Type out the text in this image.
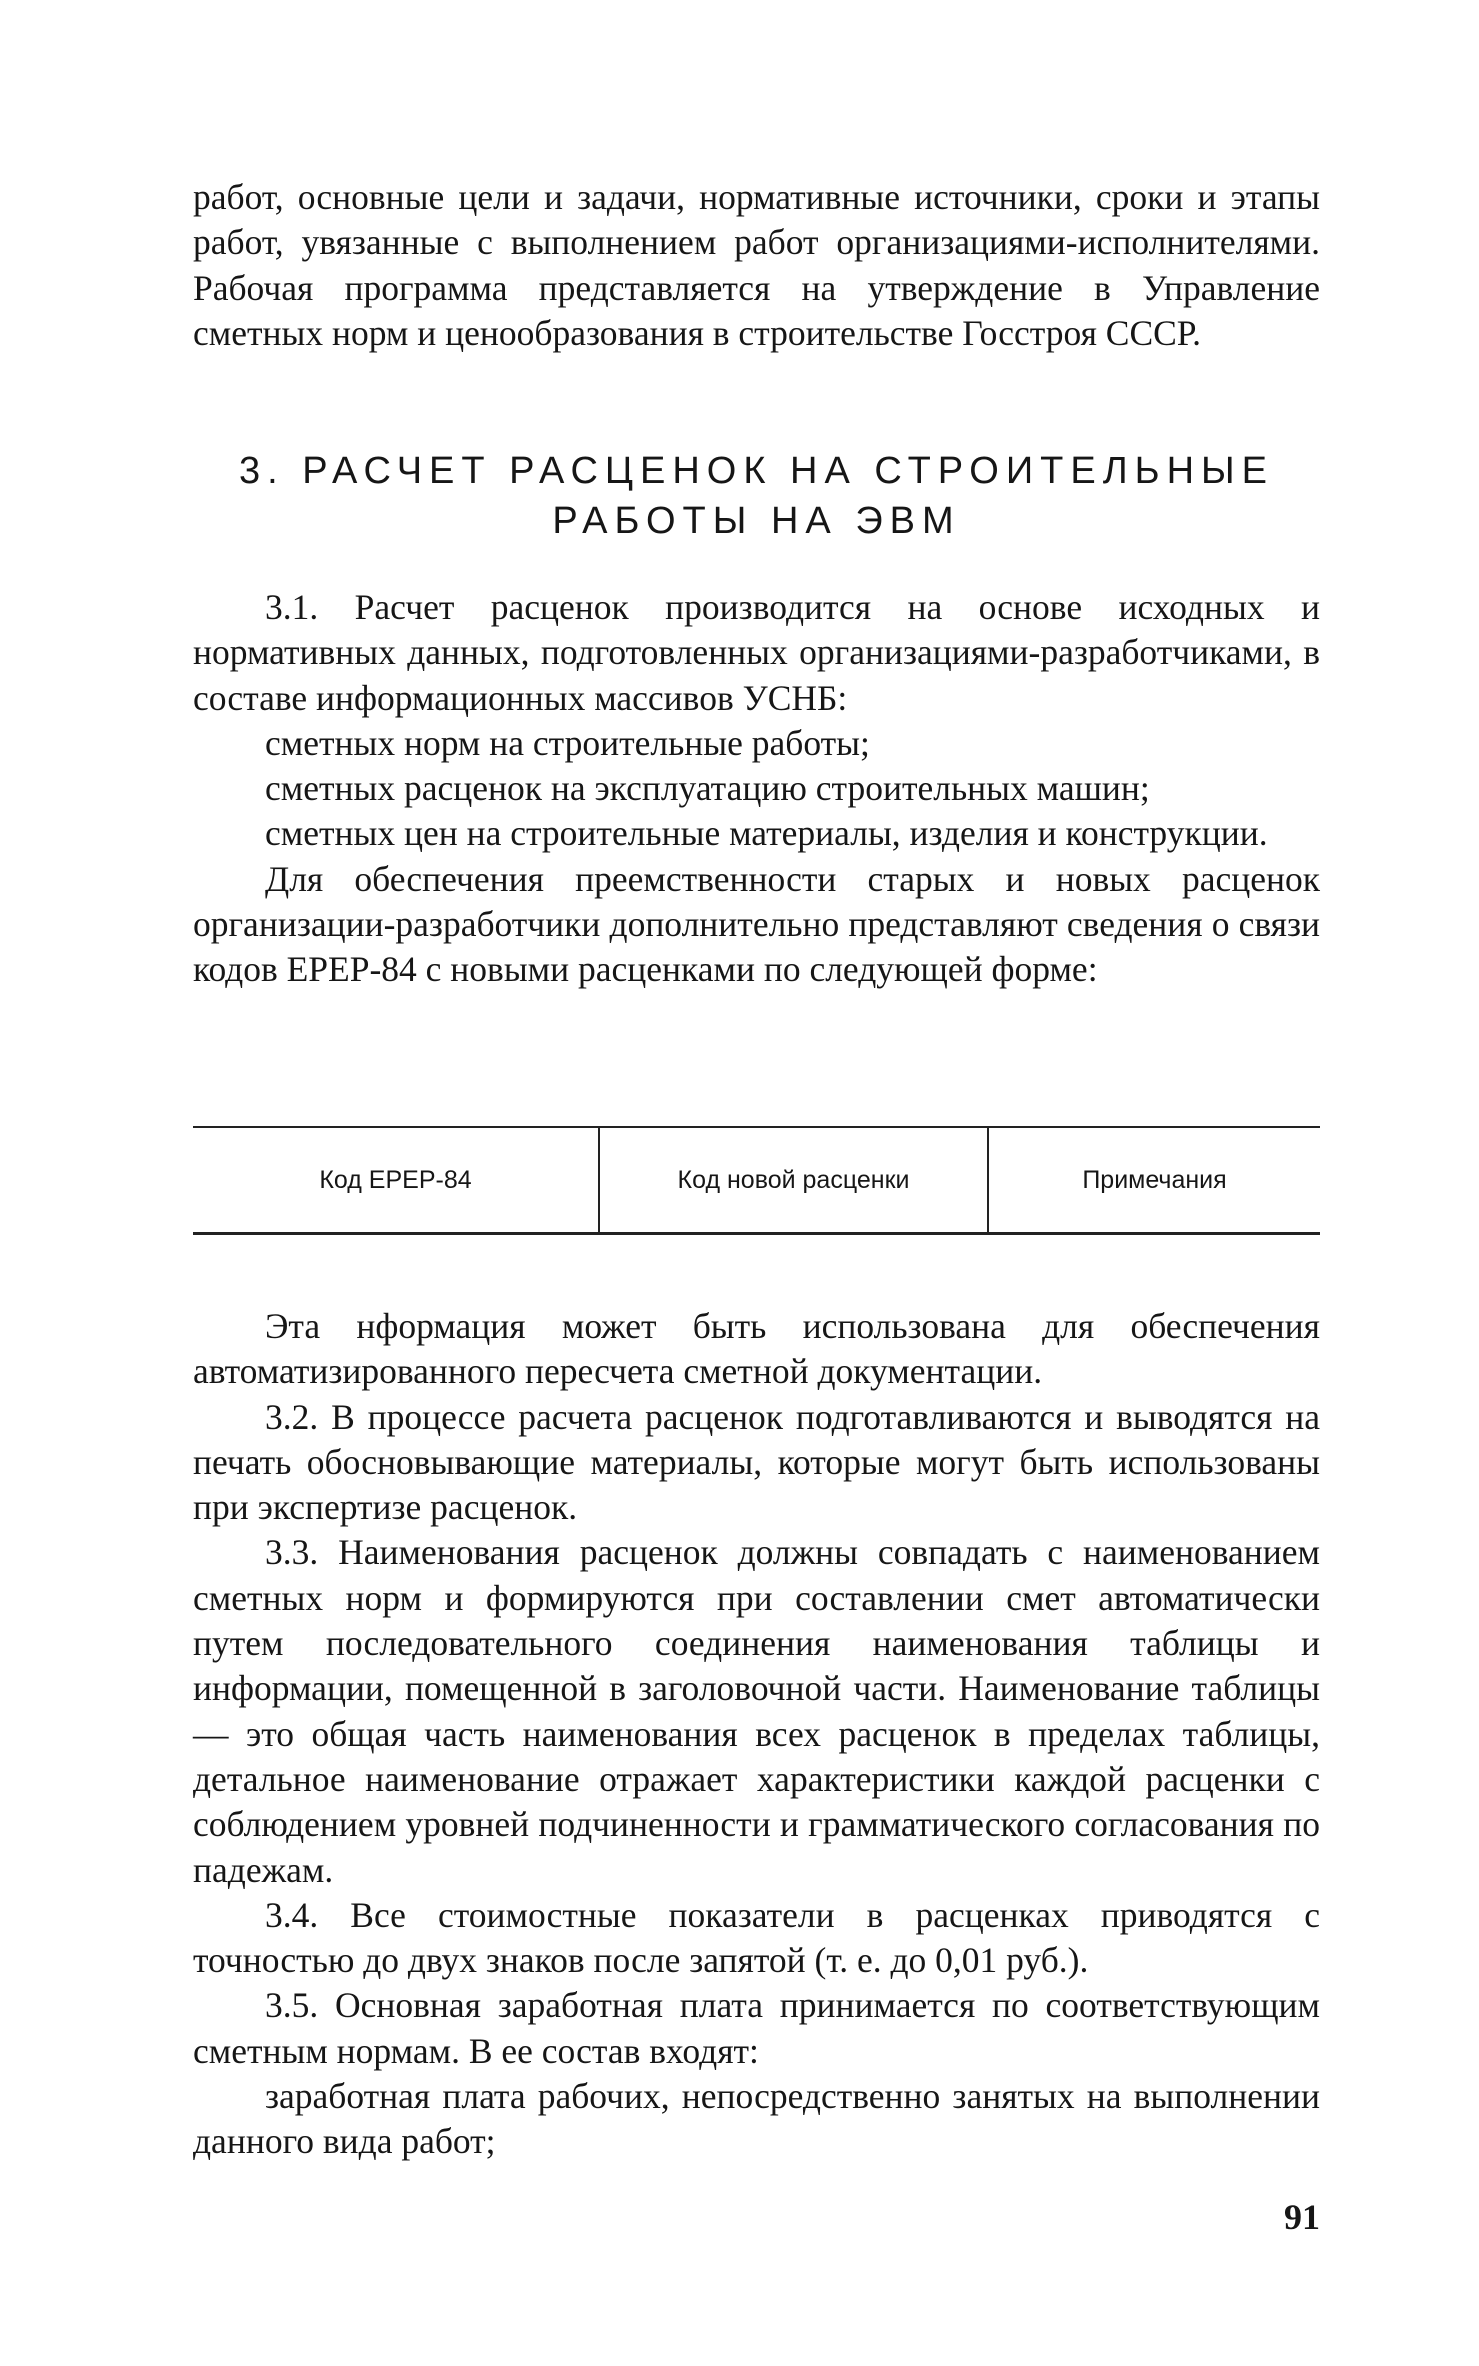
работ, основные цели и задачи, нормативные источники, сроки и этапы работ, увязанные с выполнением работ организациями-исполнителями. Рабочая программа представляется на утверждение в Управление сметных норм и ценообразования в строительстве Госстроя СССР.

3. РАСЧЕТ РАСЦЕНОК НА СТРОИТЕЛЬНЫЕ
РАБОТЫ НА ЭВМ

3.1. Расчет расценок производится на основе исходных и нормативных данных, подготовленных организациями-разработчиками, в составе информационных массивов УСНБ:

сметных норм на строительные работы;

сметных расценок на эксплуатацию строительных машин;

сметных цен на строительные материалы, изделия и конструкции.

Для обеспечения преемственности старых и новых расценок организации-разработчики дополнительно представляют сведения о связи кодов ЕРЕР-84 с новыми расценками по следующей форме:

Код ЕРЕР-84	Код новой расценки	Примечания

Эта нформация может быть использована для обеспечения автоматизированного пересчета сметной документации.

3.2. В процессе расчета расценок подготавливаются и выводятся на печать обосновывающие материалы, которые могут быть использованы при экспертизе расценок.

3.3. Наименования расценок должны совпадать с наименованием сметных норм и формируются при составлении смет автоматически путем последовательного соединения наименования таблицы и информации, помещенной в заголовочной части. Наименование таблицы — это общая часть наименования всех расценок в пределах таблицы, детальное наименование отражает характеристики каждой расценки с соблюдением уровней подчиненности и грамматического согласования по падежам.

3.4. Все стоимостные показатели в расценках приводятся с точностью до двух знаков после запятой (т. е. до 0,01 руб.).

3.5. Основная заработная плата принимается по соответствующим сметным нормам. В ее состав входят:

заработная плата рабочих, непосредственно занятых на выполнении данного вида работ;

91
